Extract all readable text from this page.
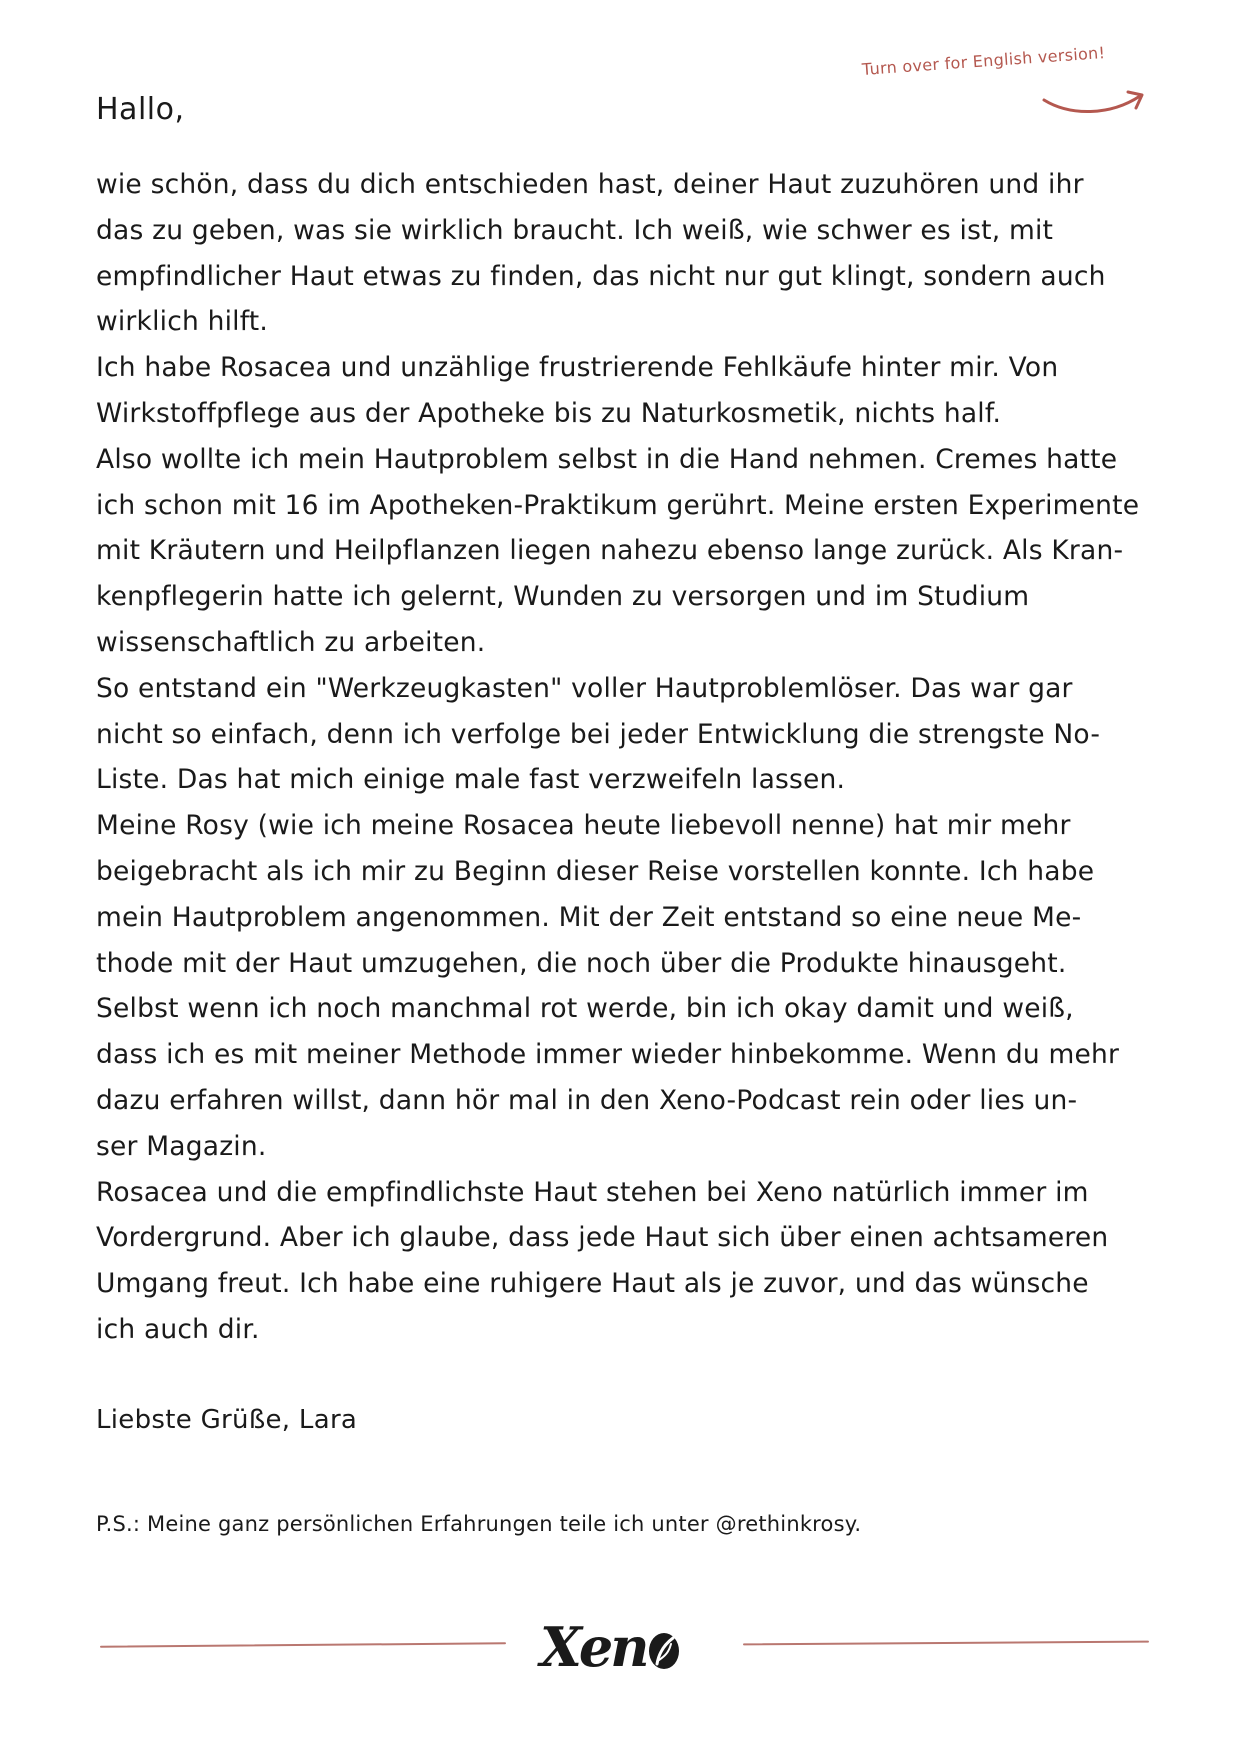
Turn over for English version!
Hallo,
wie schön, dass du dich entschieden hast, deiner Haut zuzuhören und ihr
das zu geben, was sie wirklich braucht. Ich weiß, wie schwer es ist, mit
empfindlicher Haut etwas zu finden, das nicht nur gut klingt, sondern auch
wirklich hilft.
Ich habe Rosacea und unzählige frustrierende Fehlkäufe hinter mir. Von
Wirkstoffpflege aus der Apotheke bis zu Naturkosmetik, nichts half.
Also wollte ich mein Hautproblem selbst in die Hand nehmen. Cremes hatte
ich schon mit 16 im Apotheken-Praktikum gerührt. Meine ersten Experimente
mit Kräutern und Heilpflanzen liegen nahezu ebenso lange zurück. Als Kran-
kenpflegerin hatte ich gelernt, Wunden zu versorgen und im Studium
wissenschaftlich zu arbeiten.
So entstand ein "Werkzeugkasten" voller Hautproblemlöser. Das war gar
nicht so einfach, denn ich verfolge bei jeder Entwicklung die strengste No-
Liste. Das hat mich einige male fast verzweifeln lassen.
Meine Rosy (wie ich meine Rosacea heute liebevoll nenne) hat mir mehr
beigebracht als ich mir zu Beginn dieser Reise vorstellen konnte. Ich habe
mein Hautproblem angenommen. Mit der Zeit entstand so eine neue Me-
thode mit der Haut umzugehen, die noch über die Produkte hinausgeht.
Selbst wenn ich noch manchmal rot werde, bin ich okay damit und weiß,
dass ich es mit meiner Methode immer wieder hinbekomme. Wenn du mehr
dazu erfahren willst, dann hör mal in den Xeno-Podcast rein oder lies un-
ser Magazin.
Rosacea und die empfindlichste Haut stehen bei Xeno natürlich immer im
Vordergrund. Aber ich glaube, dass jede Haut sich über einen achtsameren
Umgang freut. Ich habe eine ruhigere Haut als je zuvor, und das wünsche
ich auch dir.
Liebste Grüße, Lara
P.S.: Meine ganz persönlichen Erfahrungen teile ich unter @rethinkrosy.
Xen
